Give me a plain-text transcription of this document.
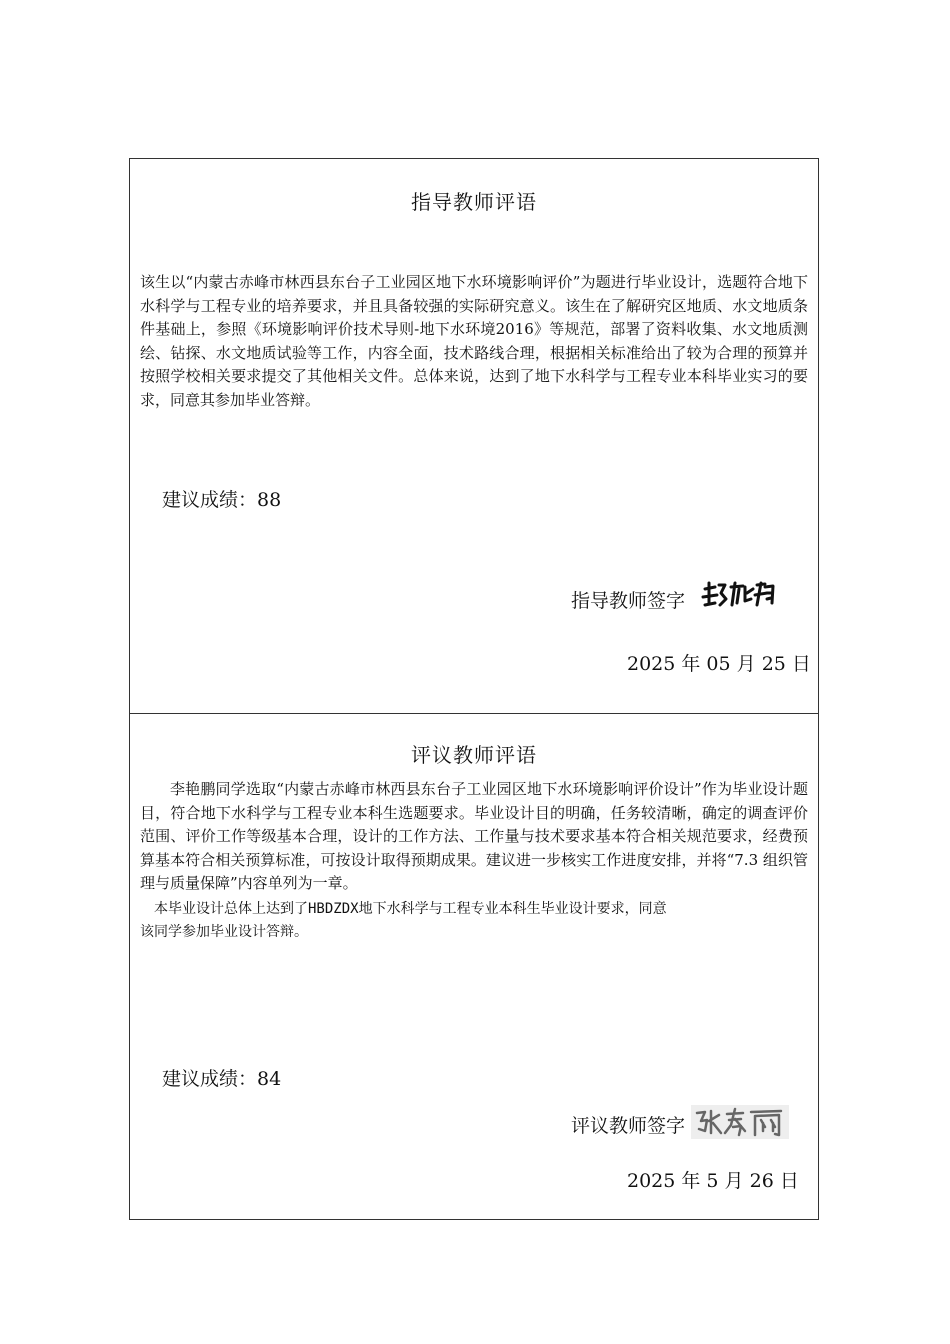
指导教师评语

该生以“内蒙古赤峰市林西县东台子工业园区地下水环境影响评价”为题进行毕业设计，选题符合地下水科学与工程专业的培养要求，并且具备较强的实际研究意义。该生在了解研究区地质、水文地质条件基础上，参照《环境影响评价技术导则-地下水环境2016》等规范，部署了资料收集、水文地质测绘、钻探、水文地质试验等工作，内容全面，技术路线合理，根据相关标准给出了较为合理的预算并按照学校相关要求提交了其他相关文件。总体来说，达到了地下水科学与工程专业本科毕业实习的要求，同意其参加毕业答辩。

建议成绩：88
指导教师签字
2025 年 05 月 25 日
评议教师评语

李艳鹏同学选取“内蒙古赤峰市林西县东台子工业园区地下水环境影响评价设计”作为毕业设计题目，符合地下水科学与工程专业本科生选题要求。毕业设计目的明确，任务较清晰，确定的调查评价范围、评价工作等级基本合理，设计的工作方法、工作量与技术要求基本符合相关规范要求，经费预算基本符合相关预算标准，可按设计取得预期成果。建议进一步核实工作进度安排，并将“7.3 组织管理与质量保障”内容单列为一章。

本毕业设计总体上达到了HBDZDX地下水科学与工程专业本科生毕业设计要求，同意
该同学参加毕业设计答辩。

建议成绩：84
评议教师签字
2025 年 5 月 26 日
